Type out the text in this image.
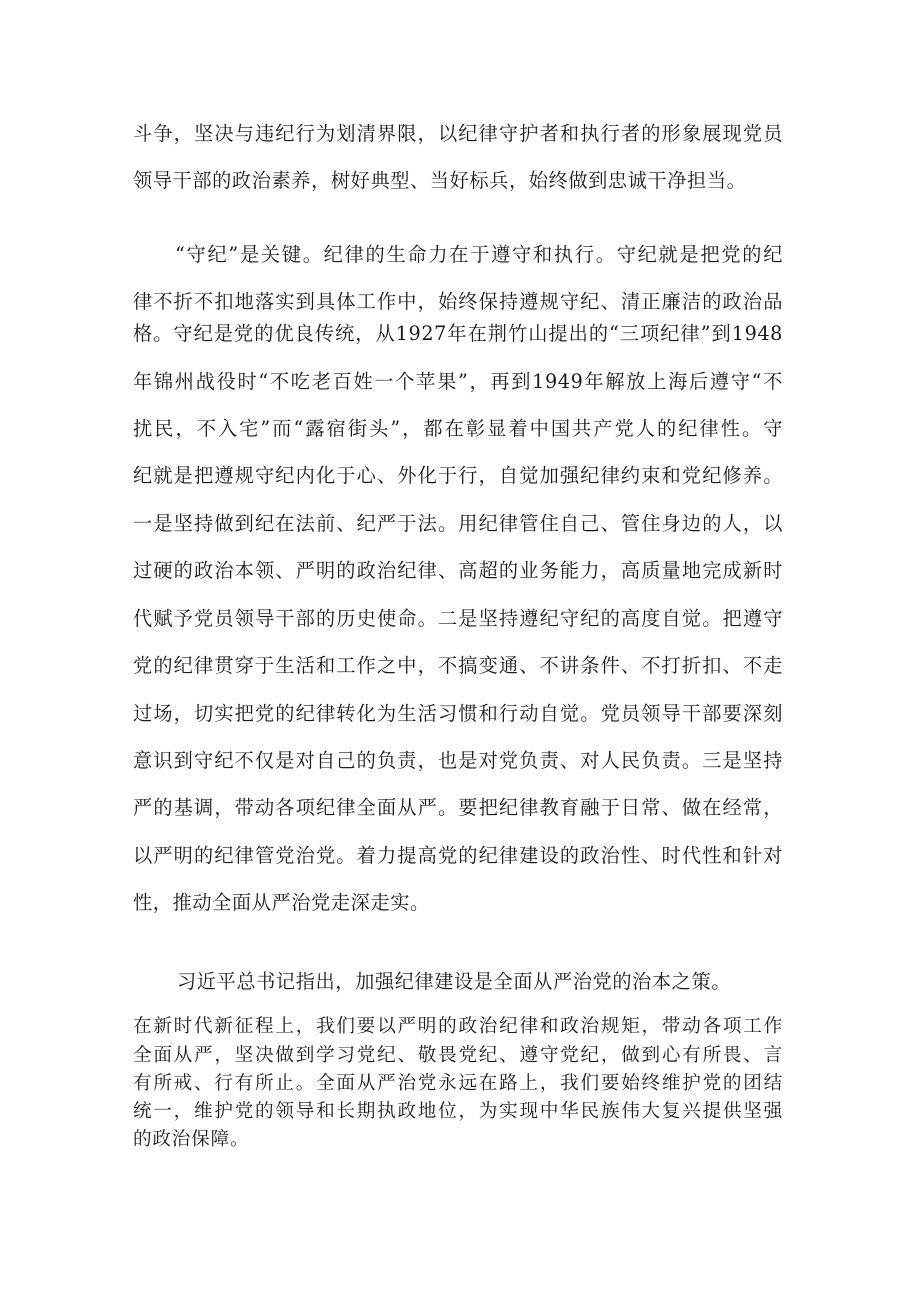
斗争，坚决与违纪行为划清界限，以纪律守护者和执行者的形象展现党员

领导干部的政治素养，树好典型、当好标兵，始终做到忠诚干净担当。

“守纪”是关键。纪律的生命力在于遵守和执行。守纪就是把党的纪

律不折不扣地落实到具体工作中，始终保持遵规守纪、清正廉洁的政治品

格。守纪是党的优良传统，从1927年在荆竹山提出的“三项纪律”到1948

年锦州战役时“不吃老百姓一个苹果”，再到1949年解放上海后遵守“不

扰民，不入宅”而“露宿街头”，都在彰显着中国共产党人的纪律性。守

纪就是把遵规守纪内化于心、外化于行，自觉加强纪律约束和党纪修养。

一是坚持做到纪在法前、纪严于法。用纪律管住自己、管住身边的人，以

过硬的政治本领、严明的政治纪律、高超的业务能力，高质量地完成新时

代赋予党员领导干部的历史使命。二是坚持遵纪守纪的高度自觉。把遵守

党的纪律贯穿于生活和工作之中，不搞变通、不讲条件、不打折扣、不走

过场，切实把党的纪律转化为生活习惯和行动自觉。党员领导干部要深刻

意识到守纪不仅是对自己的负责，也是对党负责、对人民负责。三是坚持

严的基调，带动各项纪律全面从严。要把纪律教育融于日常、做在经常，

以严明的纪律管党治党。着力提高党的纪律建设的政治性、时代性和针对

性，推动全面从严治党走深走实。

习近平总书记指出，加强纪律建设是全面从严治党的治本之策。

在新时代新征程上，我们要以严明的政治纪律和政治规矩，带动各项工作

全面从严，坚决做到学习党纪、敬畏党纪、遵守党纪，做到心有所畏、言

有所戒、行有所止。全面从严治党永远在路上，我们要始终维护党的团结

统一，维护党的领导和长期执政地位，为实现中华民族伟大复兴提供坚强

的政治保障。
